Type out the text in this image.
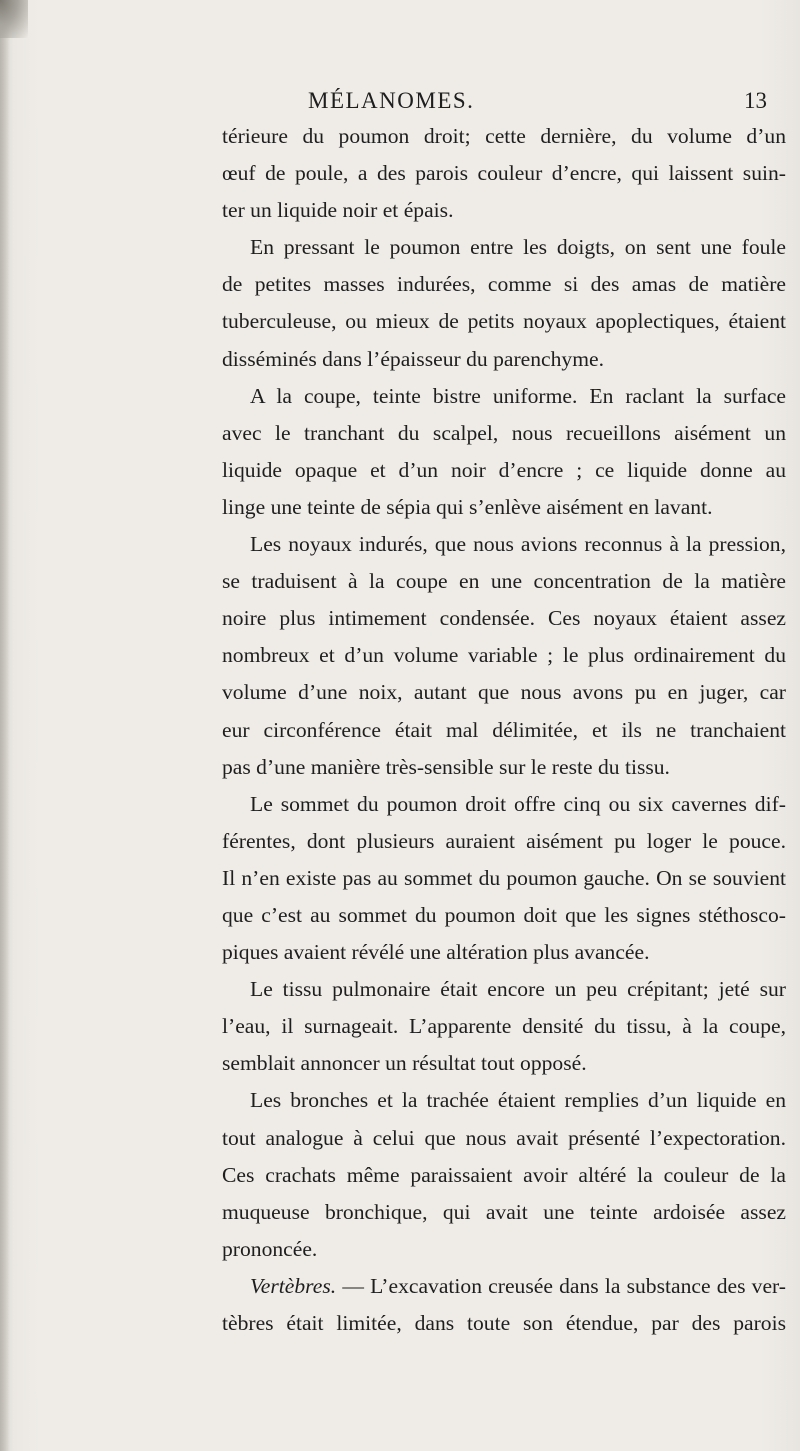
MÉLANOMES.	13
térieure du poumon droit; cette dernière, du volume d’un
œuf de poule, a des parois couleur d’encre, qui laissent suin-
ter un liquide noir et épais.
En pressant le poumon entre les doigts, on sent une foule
de petites masses indurées, comme si des amas de matière
tuberculeuse, ou mieux de petits noyaux apoplectiques, étaient
disséminés dans l’épaisseur du parenchyme.
A la coupe, teinte bistre uniforme. En raclant la surface
avec le tranchant du scalpel, nous recueillons aisément un
liquide opaque et d’un noir d’encre ; ce liquide donne au
linge une teinte de sépia qui s’enlève aisément en lavant.
Les noyaux indurés, que nous avions reconnus à la pression,
se traduisent à la coupe en une concentration de la matière
noire plus intimement condensée. Ces noyaux étaient assez
nombreux et d’un volume variable ; le plus ordinairement du
volume d’une noix, autant que nous avons pu en juger, car
eur circonférence était mal délimitée, et ils ne tranchaient
pas d’une manière très-sensible sur le reste du tissu.
Le sommet du poumon droit offre cinq ou six cavernes dif-
férentes, dont plusieurs auraient aisément pu loger le pouce.
Il n’en existe pas au sommet du poumon gauche. On se souvient
que c’est au sommet du poumon doit que les signes stéthosco-
piques avaient révélé une altération plus avancée.
Le tissu pulmonaire était encore un peu crépitant; jeté sur
l’eau, il surnageait. L’apparente densité du tissu, à la coupe,
semblait annoncer un résultat tout opposé.
Les bronches et la trachée étaient remplies d’un liquide en
tout analogue à celui que nous avait présenté l’expectoration.
Ces crachats même paraissaient avoir altéré la couleur de la
muqueuse bronchique, qui avait une teinte ardoisée assez
prononcée.
Vertèbres. — L’excavation creusée dans la substance des ver-
tèbres était limitée, dans toute son étendue, par des parois
